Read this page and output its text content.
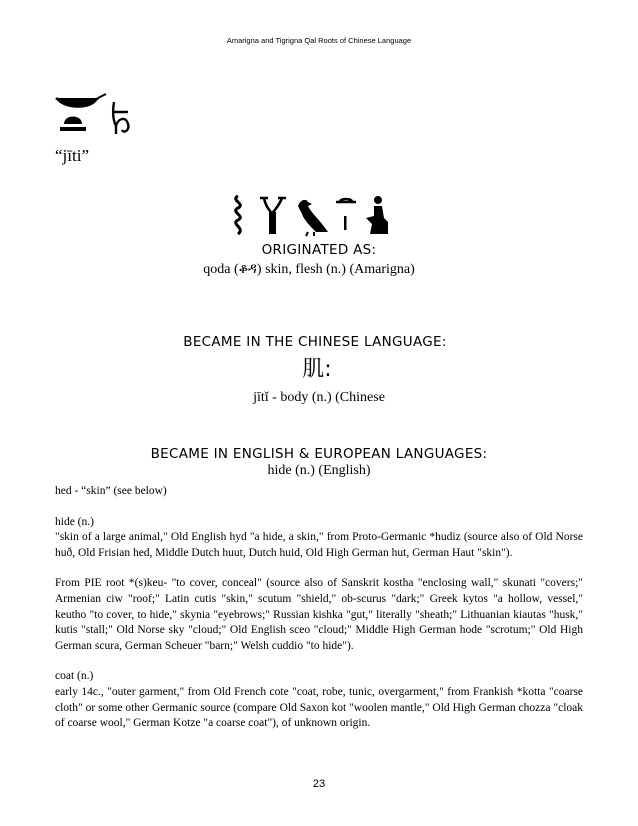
Amarigna and Tigrigna Qal Roots of Chinese Language
“jīti”
ORIGINATED AS:
qoda (ቆዳ) skin, flesh (n.) (Amarigna)
BECAME IN THE CHINESE LANGUAGE:
肌:
jītǐ - body (n.) (Chinese
BECAME IN ENGLISH & EUROPEAN LANGUAGES:
hide (n.) (English)

hed - “skin” (see below)

hide (n.)

"skin of a large animal," Old English hyd "a hide, a skin," from Proto-Germanic *hudiz (source also of Old Norse huð, Old Frisian hed, Middle Dutch huut, Dutch huid, Old High German hut, German Haut "skin").

From PIE root *(s)keu- "to cover, conceal" (source also of Sanskrit kostha "enclosing wall," skunati "covers;" Armenian ciw "roof;" Latin cutis "skin," scutum "shield," ob-scurus "dark;" Greek kytos "a hollow, vessel," keutho "to cover, to hide," skynia "eyebrows;" Russian kishka "gut," literally "sheath;" Lithuanian kiautas "husk," kutis "stall;" Old Norse sky "cloud;" Old English sceo "cloud;" Middle High German hode "scrotum;" Old High German scura, German Scheuer "barn;" Welsh cuddio "to hide").

coat (n.)

early 14c., "outer garment," from Old French cote "coat, robe, tunic, overgarment," from Frankish *kotta "coarse cloth" or some other Germanic source (compare Old Saxon kot "woolen mantle," Old High German chozza "cloak of coarse wool," German Kotze "a coarse coat"), of unknown origin.

23
